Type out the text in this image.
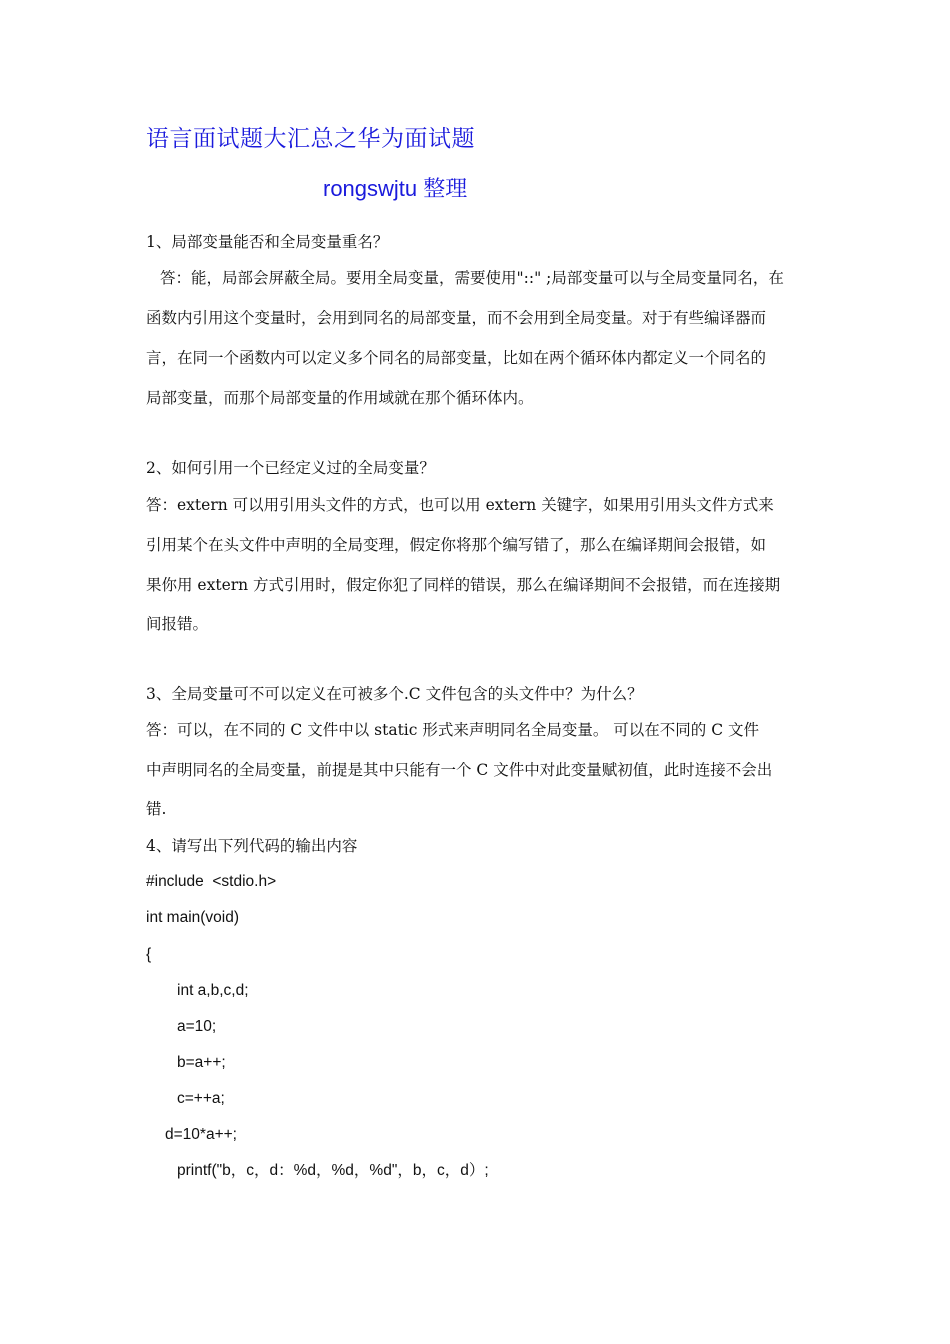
语言面试题大汇总之华为面试题
rongswjtu 整理
1、局部变量能否和全局变量重名？
答：能，局部会屏蔽全局。要用全局变量，需要使用"::" ;局部变量可以与全局变量同名，在
函数内引用这个变量时，会用到同名的局部变量，而不会用到全局变量。对于有些编译器而
言，在同一个函数内可以定义多个同名的局部变量，比如在两个循环体内都定义一个同名的
局部变量，而那个局部变量的作用域就在那个循环体内。
2、如何引用一个已经定义过的全局变量？
答：extern 可以用引用头文件的方式，也可以用 extern 关键字，如果用引用头文件方式来
引用某个在头文件中声明的全局变理，假定你将那个编写错了，那么在编译期间会报错，如
果你用 extern 方式引用时，假定你犯了同样的错误，那么在编译期间不会报错，而在连接期
间报错。
3、全局变量可不可以定义在可被多个.C 文件包含的头文件中？为什么？
答：可以，在不同的 C 文件中以 static 形式来声明同名全局变量。 可以在不同的 C 文件
中声明同名的全局变量，前提是其中只能有一个 C 文件中对此变量赋初值，此时连接不会出
错.
4、请写出下列代码的输出内容
#include  <stdio.h>
int main(void)
{
int a,b,c,d;
a=10;
b=a++;
c=++a;
d=10*a++;
printf("b，c，d：%d，%d，%d"，b，c，d）;
